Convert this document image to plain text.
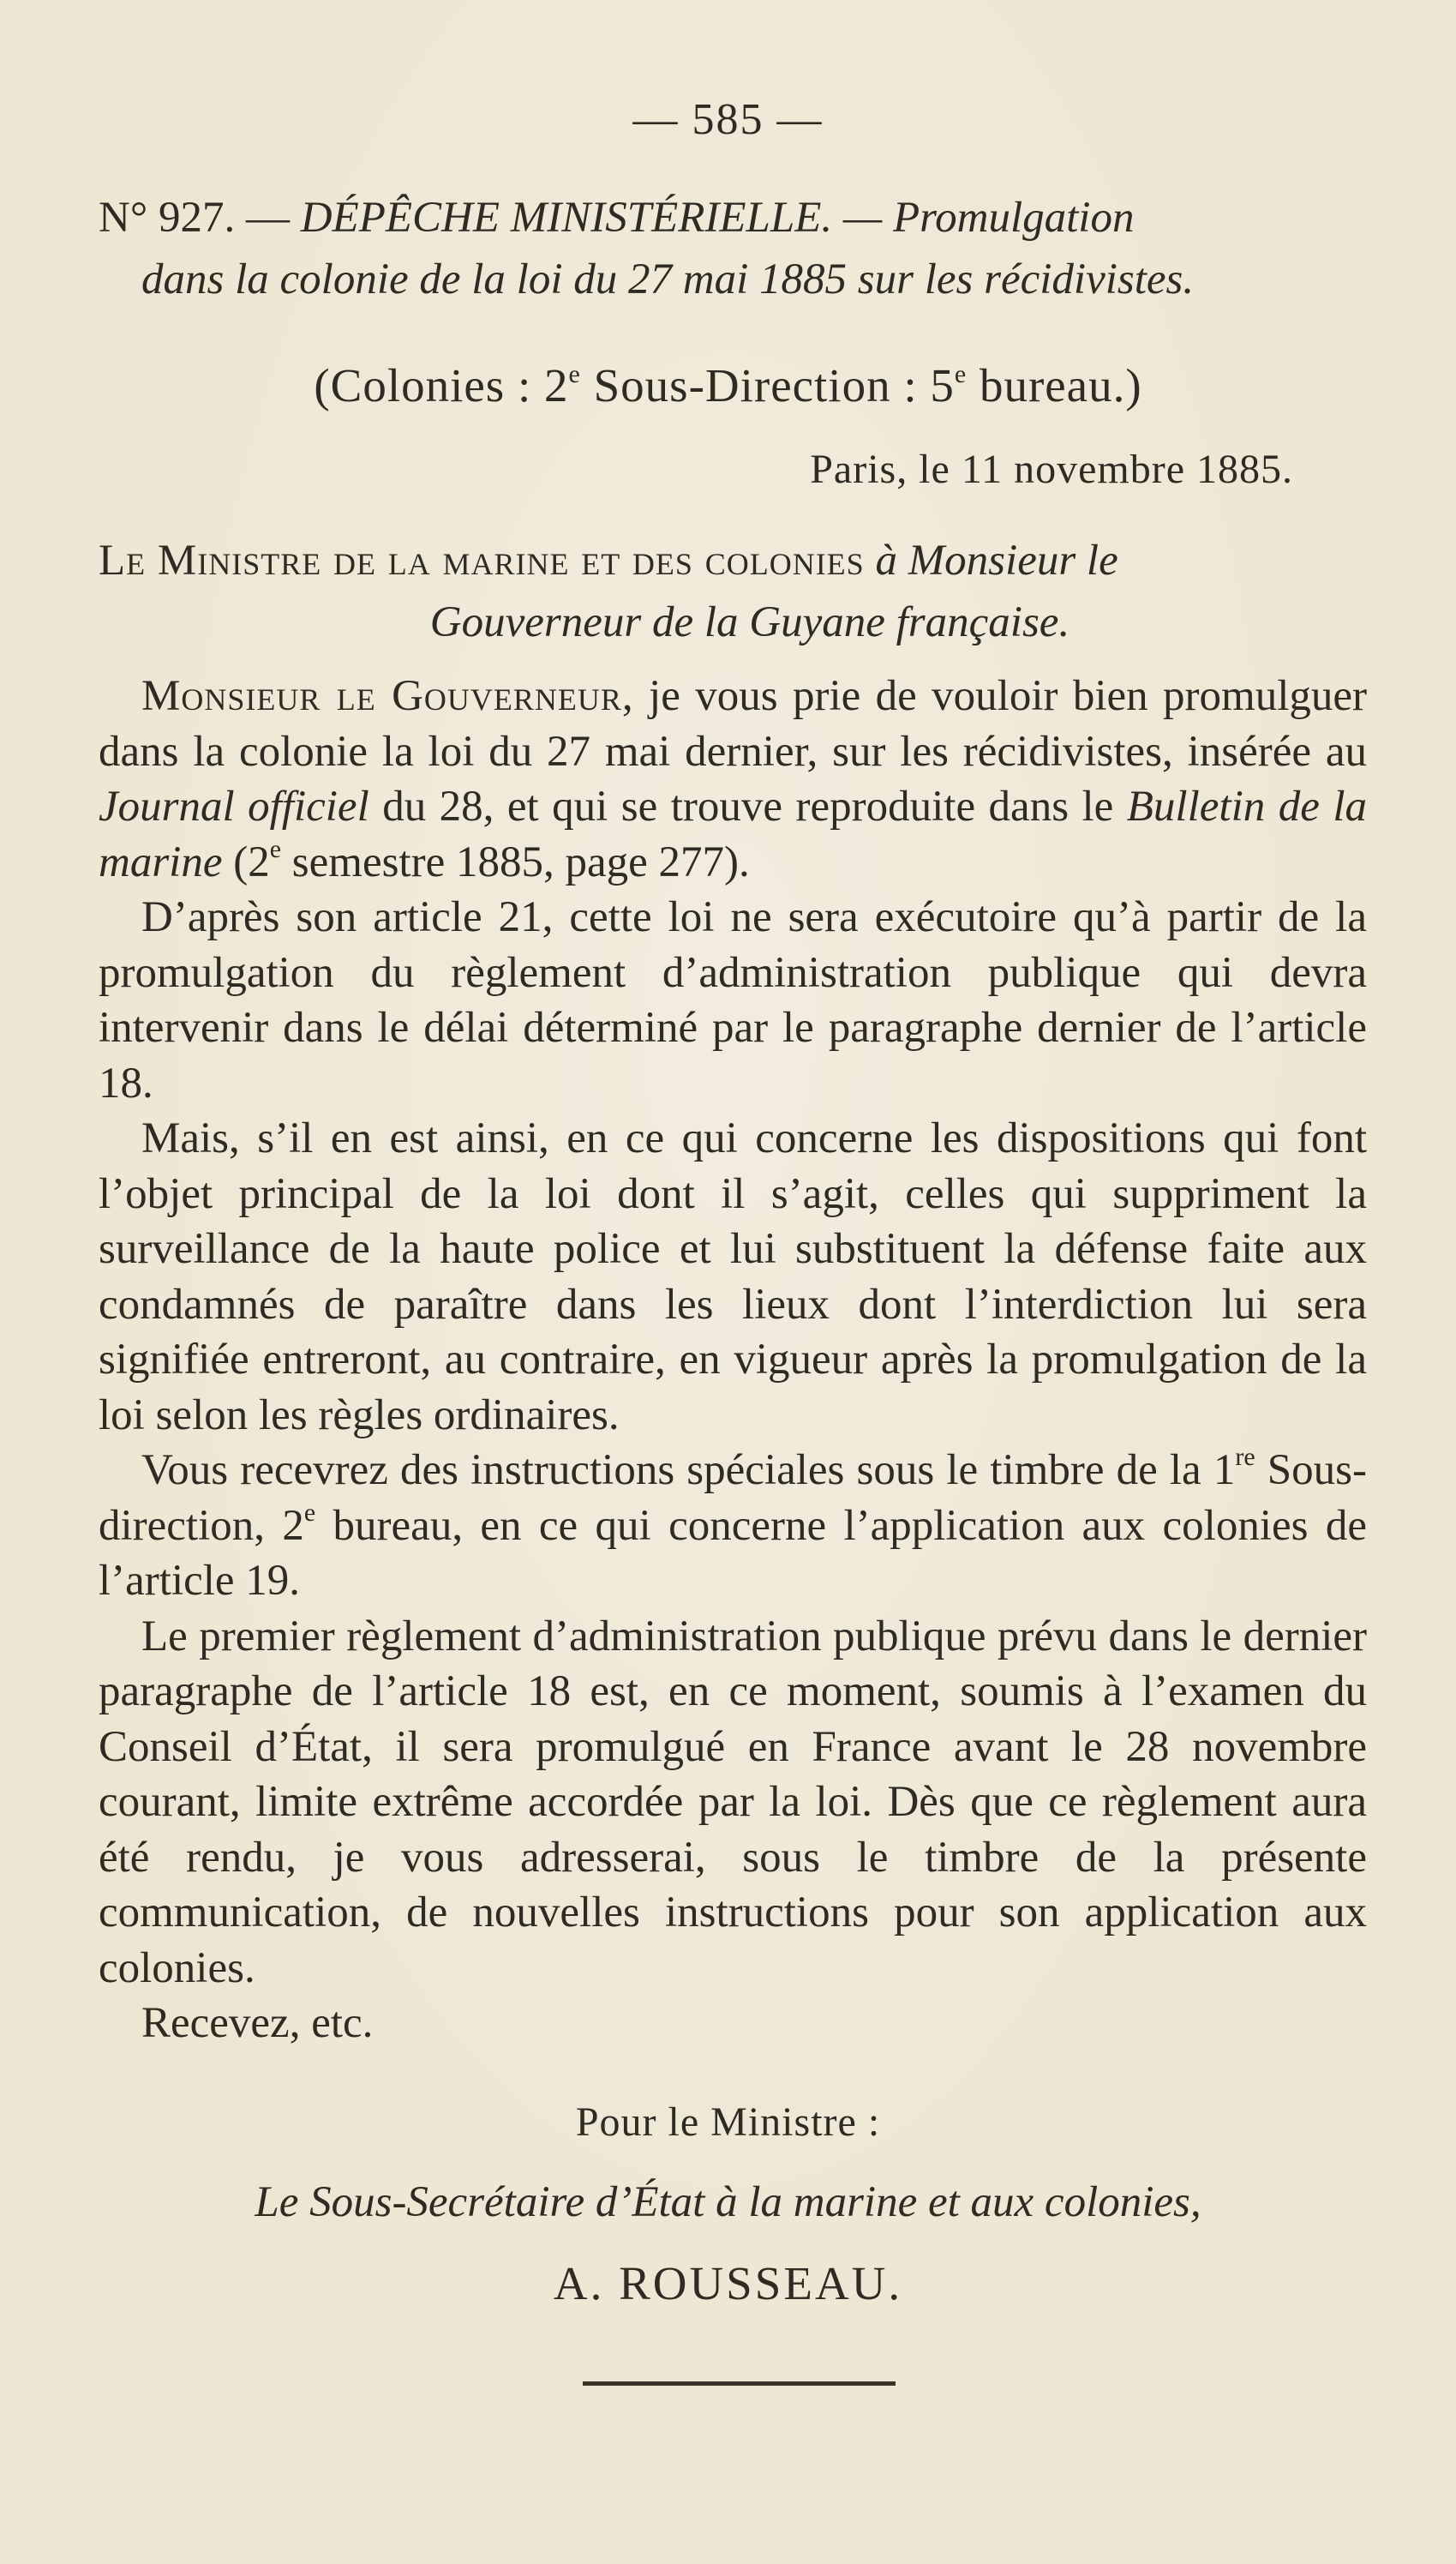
— 585 —
N° 927. — DÉPÊCHE MINISTÉRIELLE. — Promulgation
dans la colonie de la loi du 27 mai 1885 sur les récidivistes.
(Colonies : 2e Sous-Direction : 5e bureau.)
Paris, le 11 novembre 1885.
Le Ministre de la marine et des colonies à Monsieur le
Gouverneur de la Guyane française.

Monsieur le Gouverneur, je vous prie de vouloir bien promulguer dans la colonie la loi du 27 mai dernier, sur les récidivistes, insérée au Journal officiel du 28, et qui se trouve reproduite dans le Bulletin de la marine (2e semestre 1885, page 277).

D’après son article 21, cette loi ne sera exécutoire qu’à partir de la promulgation du règlement d’administration publique qui devra intervenir dans le délai déterminé par le paragraphe dernier de l’article 18.

Mais, s’il en est ainsi, en ce qui concerne les dispositions qui font l’objet principal de la loi dont il s’agit, celles qui suppriment la surveillance de la haute police et lui substituent la défense faite aux condamnés de paraître dans les lieux dont l’interdiction lui sera signifiée entreront, au contraire, en vigueur après la promulgation de la loi selon les règles ordinaires.

Vous recevrez des instructions spéciales sous le timbre de la 1re Sous-direction, 2e bureau, en ce qui concerne l’application aux colonies de l’article 19.

Le premier règlement d’administration publique prévu dans le dernier paragraphe de l’article 18 est, en ce moment, soumis à l’examen du Conseil d’État, il sera promulgué en France avant le 28 novembre courant, limite extrême accordée par la loi. Dès que ce règlement aura été rendu, je vous adresserai, sous le timbre de la présente communication, de nouvelles instructions pour son application aux colonies.

Recevez, etc.

Pour le Ministre :
Le Sous-Secrétaire d’État à la marine et aux colonies,
A. ROUSSEAU.
